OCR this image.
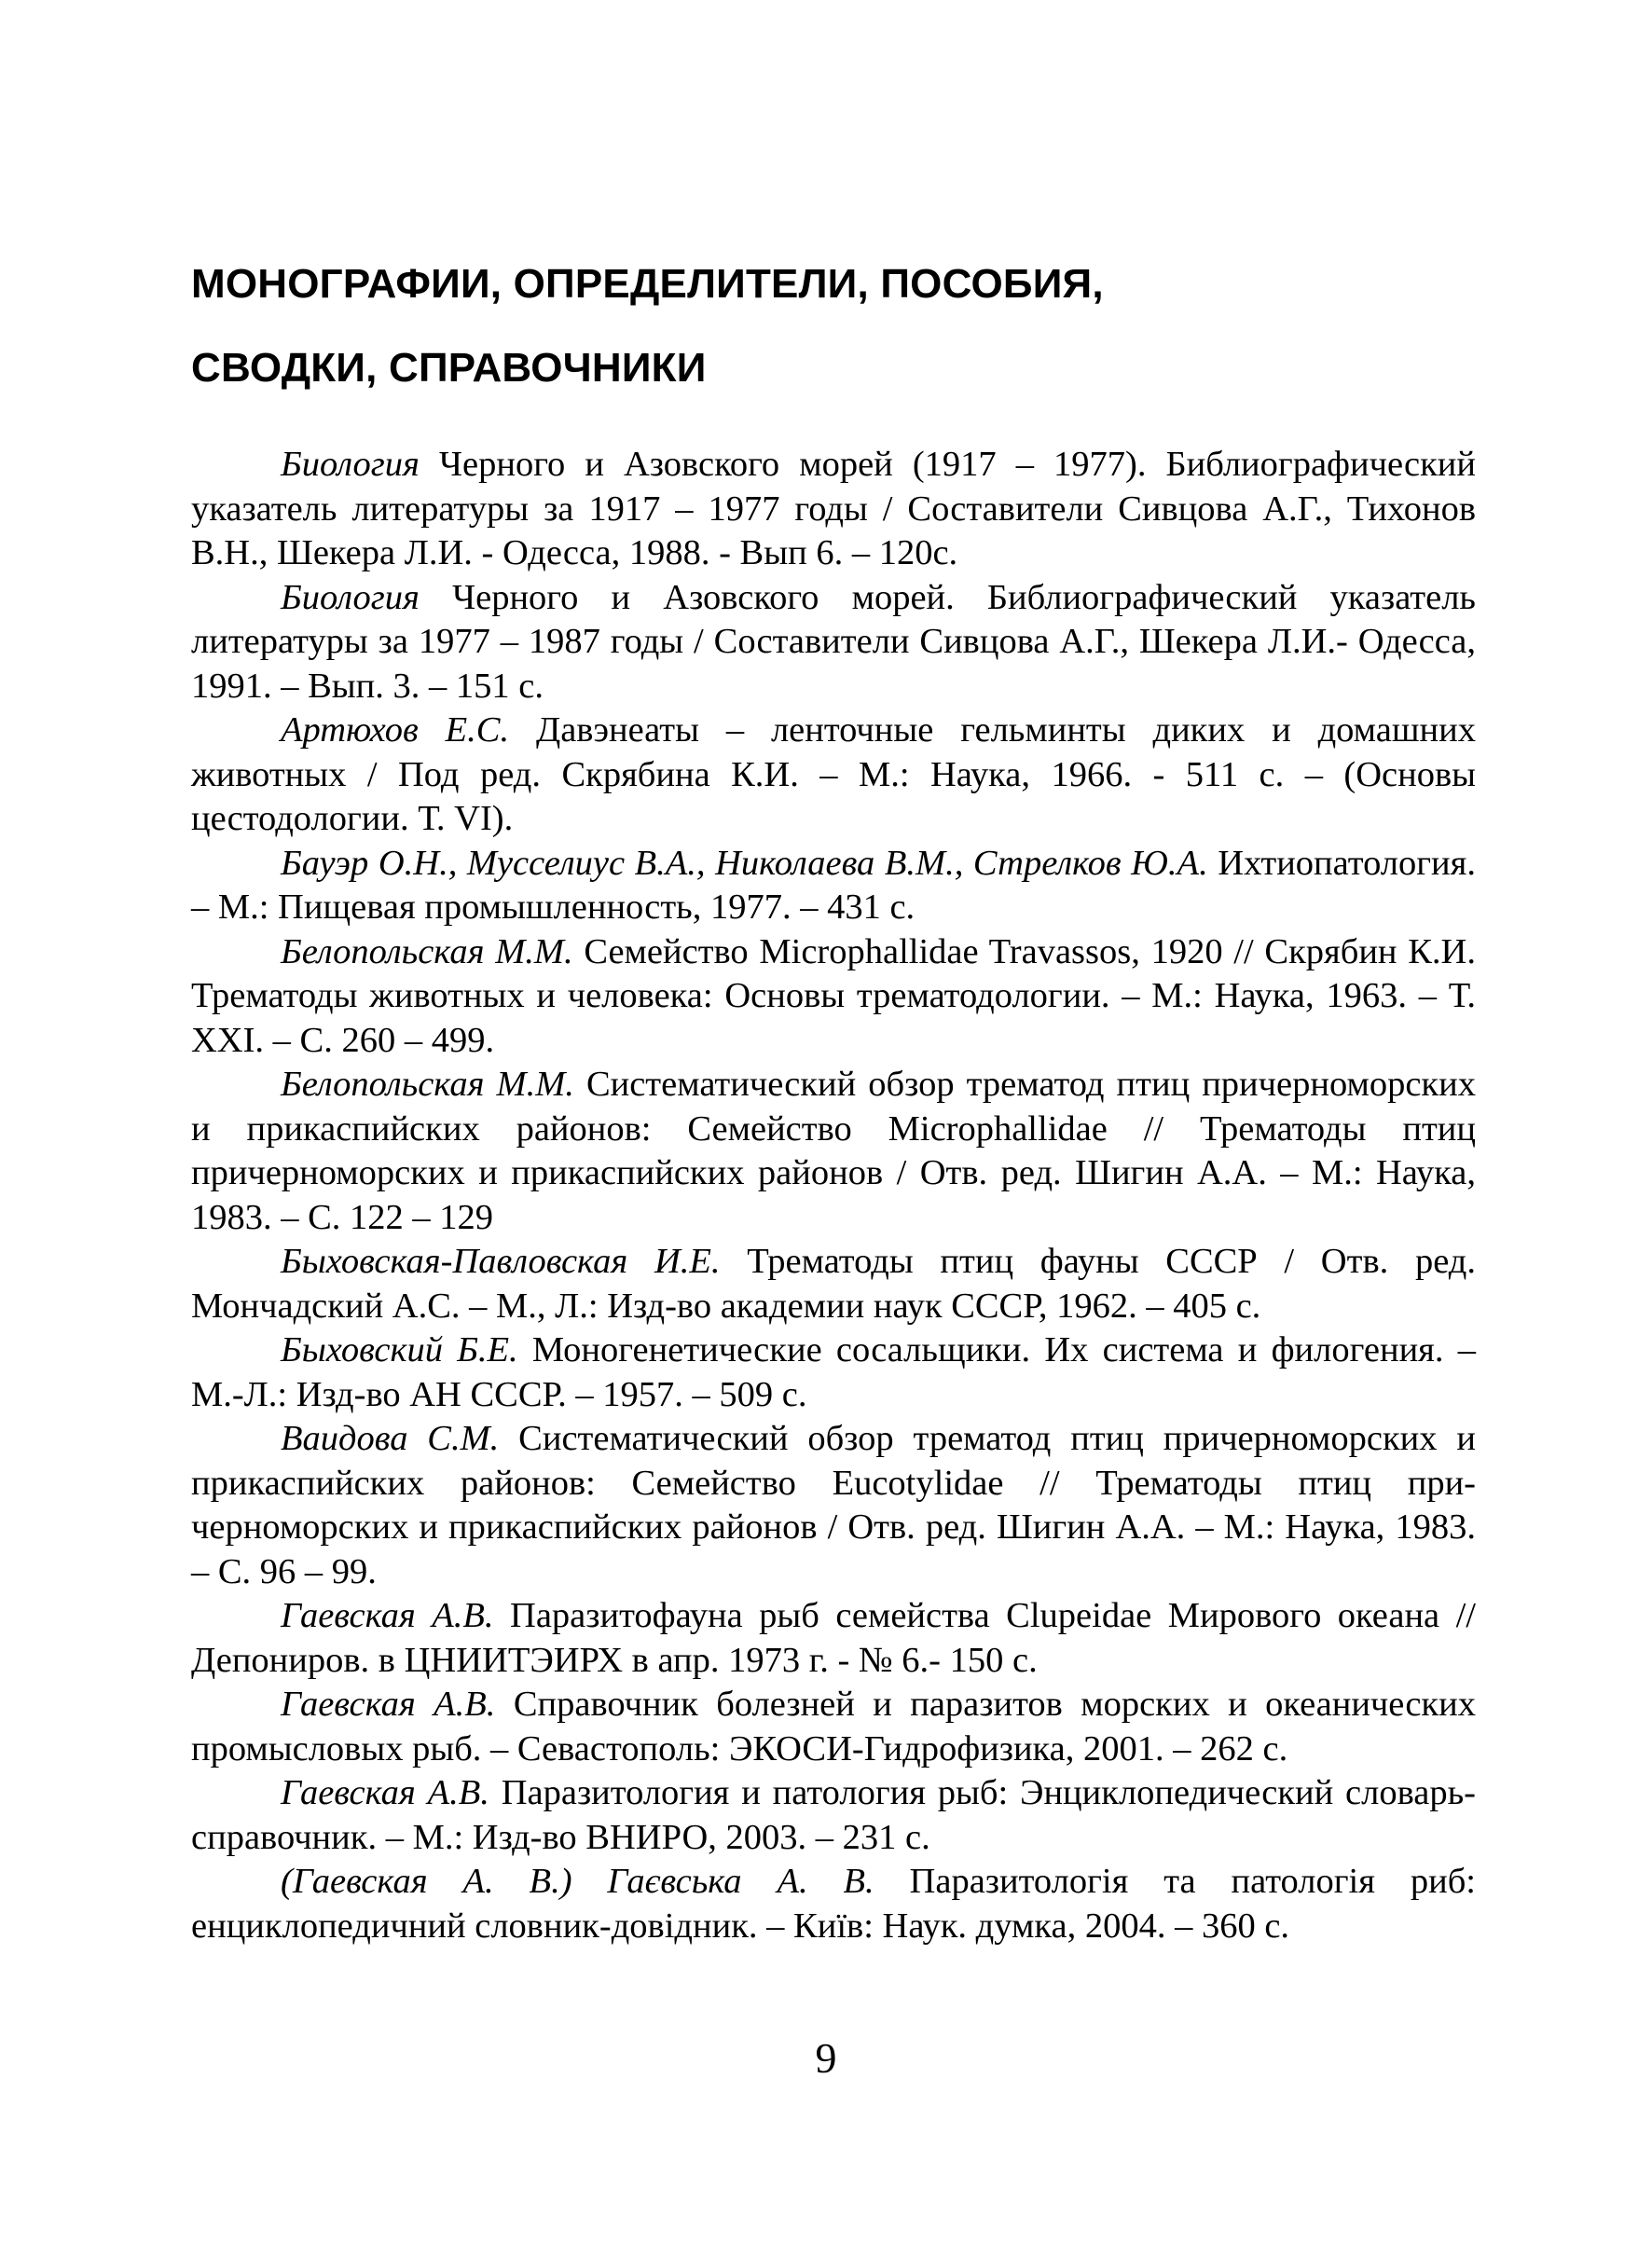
МОНОГРАФИИ, ОПРЕДЕЛИТЕЛИ, ПОСОБИЯ,
СВОДКИ, СПРАВОЧНИКИ

Биология Черного и Азовского морей (1917 – 1977). Библиографический указатель литературы за 1917 – 1977 годы / Составители Сивцова А.Г., Тихонов В.Н., Шекера Л.И. - Одесса, 1988. - Вып 6. – 120с.

Биология Черного и Азовского морей. Библиографический указатель литературы за 1977 – 1987 годы / Составители Сивцова А.Г., Шекера Л.И.- Одесса, 1991. – Вып. 3. – 151 с.

Артюхов Е.С. Давэнеаты – ленточные гельминты диких и домашних животных / Под ред. Скрябина К.И. – М.: Наука, 1966. - 511 с. – (Основы цестодологии. Т. VI).

Бауэр О.Н., Мусселиус В.А., Николаева В.М., Стрелков Ю.А. Ихтиопатология. – М.: Пищевая промышленность, 1977. – 431 с.

Белопольская М.М. Семейство Microphallidae Travassos, 1920 // Скрябин К.И. Трематоды животных и человека: Основы трематодологии. – М.: Наука, 1963. – Т. XXI. – С. 260 – 499.

Белопольская М.М. Систематический обзор трематод птиц причерноморских и прикаспийских районов: Семейство Microphallidae // Трематоды птиц причерноморских и прикаспийских районов / Отв. ред. Шигин А.А. – М.: Наука, 1983. – С. 122 – 129

Быховская-Павловская И.Е. Трематоды птиц фауны СССР / Отв. ред. Мончадский А.С. – М., Л.: Изд-во академии наук СССР, 1962. – 405 с.

Быховский Б.Е. Моногенетические сосальщики. Их система и филогения. – М.-Л.: Изд-во АН СССР. – 1957. – 509 с.

Ваидова С.М. Систематический обзор трематод птиц причерноморских и прикаспийских районов: Семейство Eucotylidae // Трематоды птиц причерноморских и прикаспийских районов / Отв. ред. Шигин А.А. – М.: Наука, 1983. – С. 96 – 99.

Гаевская А.В. Паразитофауна рыб семейства Clupeidae Мирового океана // Депониров. в ЦНИИТЭИРХ в апр. 1973 г. - № 6.- 150 с.

Гаевская А.В. Справочник болезней и паразитов морских и океанических промысловых рыб. – Севастополь: ЭКОСИ-Гидрофизика, 2001. – 262 с.

Гаевская А.В. Паразитология и патология рыб: Энциклопедический словарь-справочник. – М.: Изд-во ВНИРО, 2003. – 231 с.

(Гаевская А. В.) Гаєвська А. В. Паразитологія та патологія риб: енциклопедичний словник-довідник. – Київ: Наук. думка, 2004. – 360 с.

9
